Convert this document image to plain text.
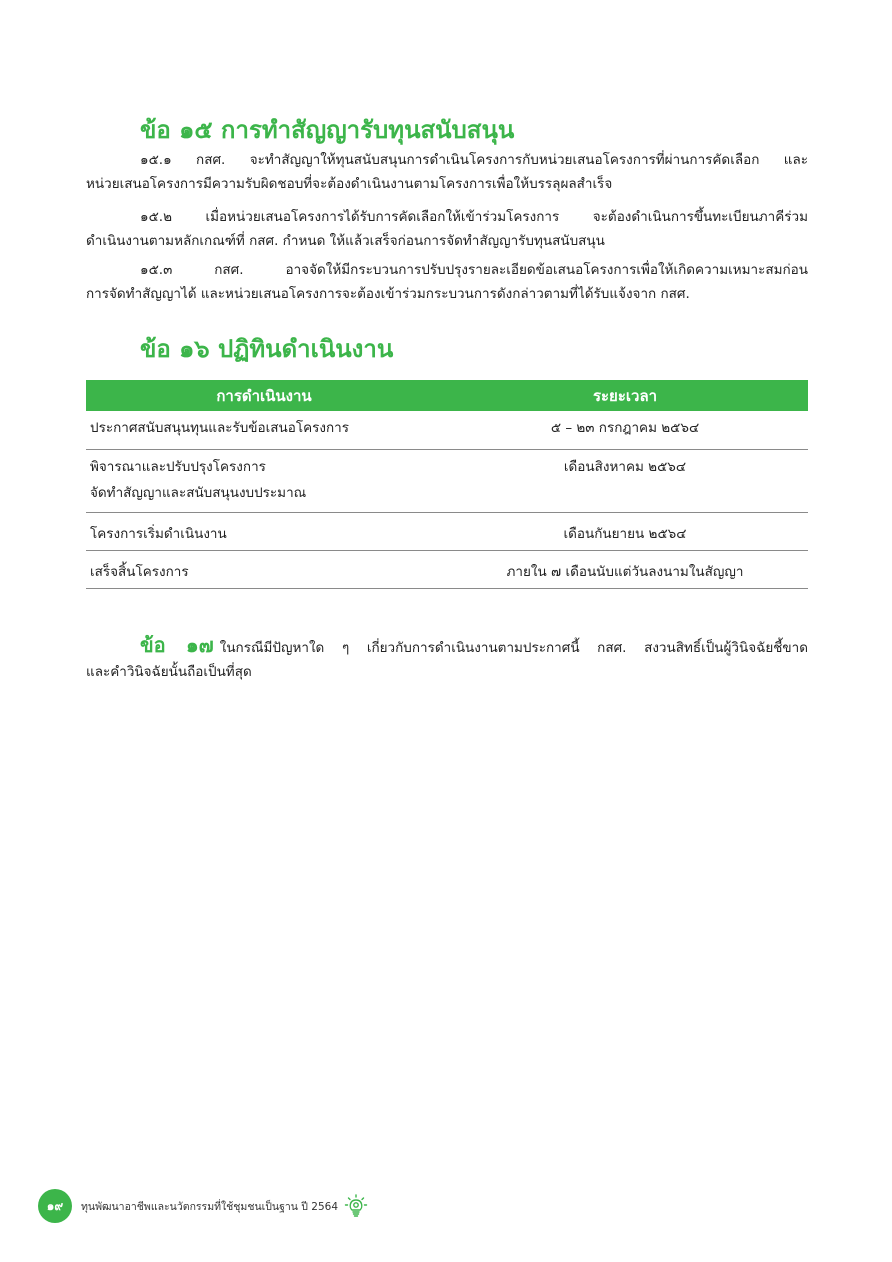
ข้อ ๑๕ การทำสัญญารับทุนสนับสนุน
๑๕.๑ กสศ. จะทำสัญญาให้ทุนสนับสนุนการดำเนินโครงการกับหน่วยเสนอโครงการที่ผ่านการคัดเลือก และ
หน่วยเสนอโครงการมีความรับผิดชอบที่จะต้องดำเนินงานตามโครงการเพื่อให้บรรลุผลสำเร็จ
๑๕.๒ เมื่อหน่วยเสนอโครงการได้รับการคัดเลือกให้เข้าร่วมโครงการ จะต้องดำเนินการขึ้นทะเบียนภาคีร่วม
ดำเนินงานตามหลักเกณฑ์ที่ กสศ. กำหนด ให้แล้วเสร็จก่อนการจัดทำสัญญารับทุนสนับสนุน
๑๕.๓ กสศ. อาจจัดให้มีกระบวนการปรับปรุงรายละเอียดข้อเสนอโครงการเพื่อให้เกิดความเหมาะสมก่อน
การจัดทำสัญญาได้ และหน่วยเสนอโครงการจะต้องเข้าร่วมกระบวนการดังกล่าวตามที่ได้รับแจ้งจาก กสศ.
ข้อ ๑๖ ปฏิทินดำเนินงาน
การดำเนินงาน	ระยะเวลา

ประกาศสนับสนุนทุนและรับข้อเสนอโครงการ	๕ – ๒๓ กรกฎาคม ๒๕๖๔

พิจารณาและปรับปรุงโครงการ
จัดทำสัญญาและสนับสนุนงบประมาณ	เดือนสิงหาคม ๒๕๖๔

โครงการเริ่มดำเนินงาน	เดือนกันยายน ๒๕๖๔

เสร็จสิ้นโครงการ	ภายใน ๗ เดือนนับแต่วันลงนามในสัญญา
ข้อ ๑๗ ในกรณีมีปัญหาใด ๆ เกี่ยวกับการดำเนินงานตามประกาศนี้ กสศ. สงวนสิทธิ์เป็นผู้วินิจฉัยชี้ขาด
และคำวินิจฉัยนั้นถือเป็นที่สุด
๑๙	ทุนพัฒนาอาชีพและนวัตกรรมที่ใช้ชุมชนเป็นฐาน ปี 2564
